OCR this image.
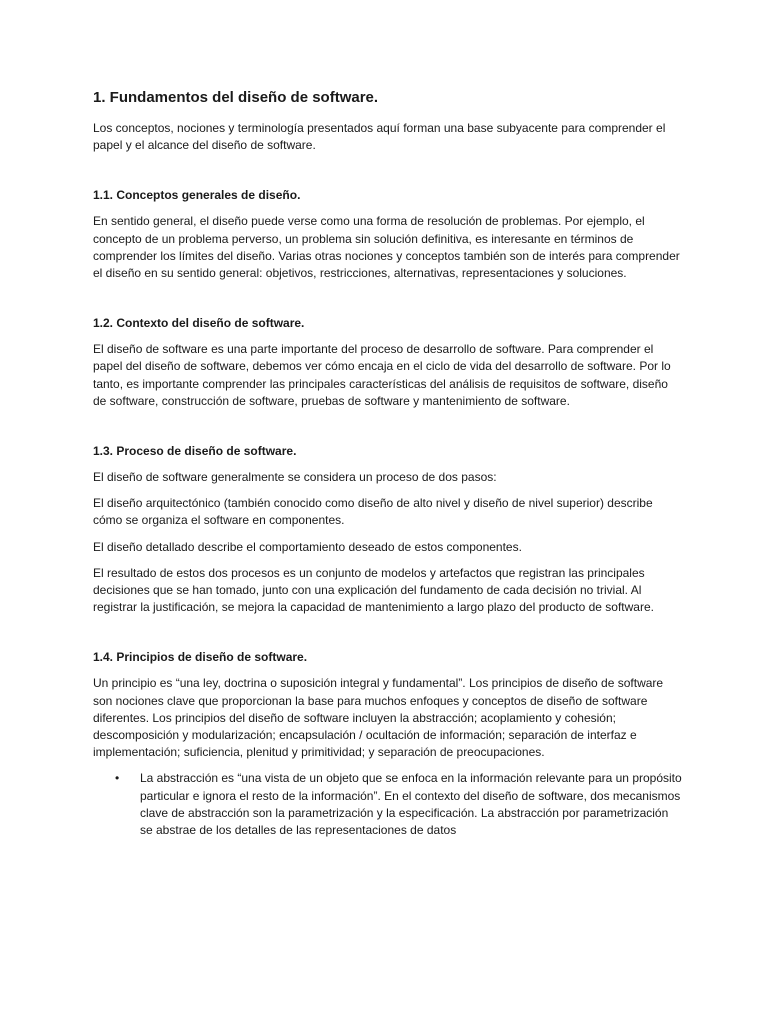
1. Fundamentos del diseño de software.

Los conceptos, nociones y terminología presentados aquí forman una base subyacente para comprender el papel y el alcance del diseño de software.

1.1. Conceptos generales de diseño.

En sentido general, el diseño puede verse como una forma de resolución de problemas. Por ejemplo, el concepto de un problema perverso, un problema sin solución definitiva, es interesante en términos de comprender los límites del diseño. Varias otras nociones y conceptos también son de interés para comprender el diseño en su sentido general: objetivos, restricciones, alternativas, representaciones y soluciones.

1.2. Contexto del diseño de software.

El diseño de software es una parte importante del proceso de desarrollo de software. Para comprender el papel del diseño de software, debemos ver cómo encaja en el ciclo de vida del desarrollo de software. Por lo tanto, es importante comprender las principales características del análisis de requisitos de software, diseño de software, construcción de software, pruebas de software y mantenimiento de software.

1.3. Proceso de diseño de software.

El diseño de software generalmente se considera un proceso de dos pasos:

El diseño arquitectónico (también conocido como diseño de alto nivel y diseño de nivel superior) describe cómo se organiza el software en componentes.

El diseño detallado describe el comportamiento deseado de estos componentes.

El resultado de estos dos procesos es un conjunto de modelos y artefactos que registran las principales decisiones que se han tomado, junto con una explicación del fundamento de cada decisión no trivial. Al registrar la justificación, se mejora la capacidad de mantenimiento a largo plazo del producto de software.

1.4. Principios de diseño de software.

Un principio es “una ley, doctrina o suposición integral y fundamental”. Los principios de diseño de software son nociones clave que proporcionan la base para muchos enfoques y conceptos de diseño de software diferentes. Los principios del diseño de software incluyen la abstracción; acoplamiento y cohesión; descomposición y modularización; encapsulación / ocultación de información; separación de interfaz e implementación; suficiencia, plenitud y primitividad; y separación de preocupaciones.

• La abstracción es “una vista de un objeto que se enfoca en la información relevante para un propósito particular e ignora el resto de la información”. En el contexto del diseño de software, dos mecanismos clave de abstracción son la parametrización y la especificación. La abstracción por parametrización se abstrae de los detalles de las representaciones de datos
